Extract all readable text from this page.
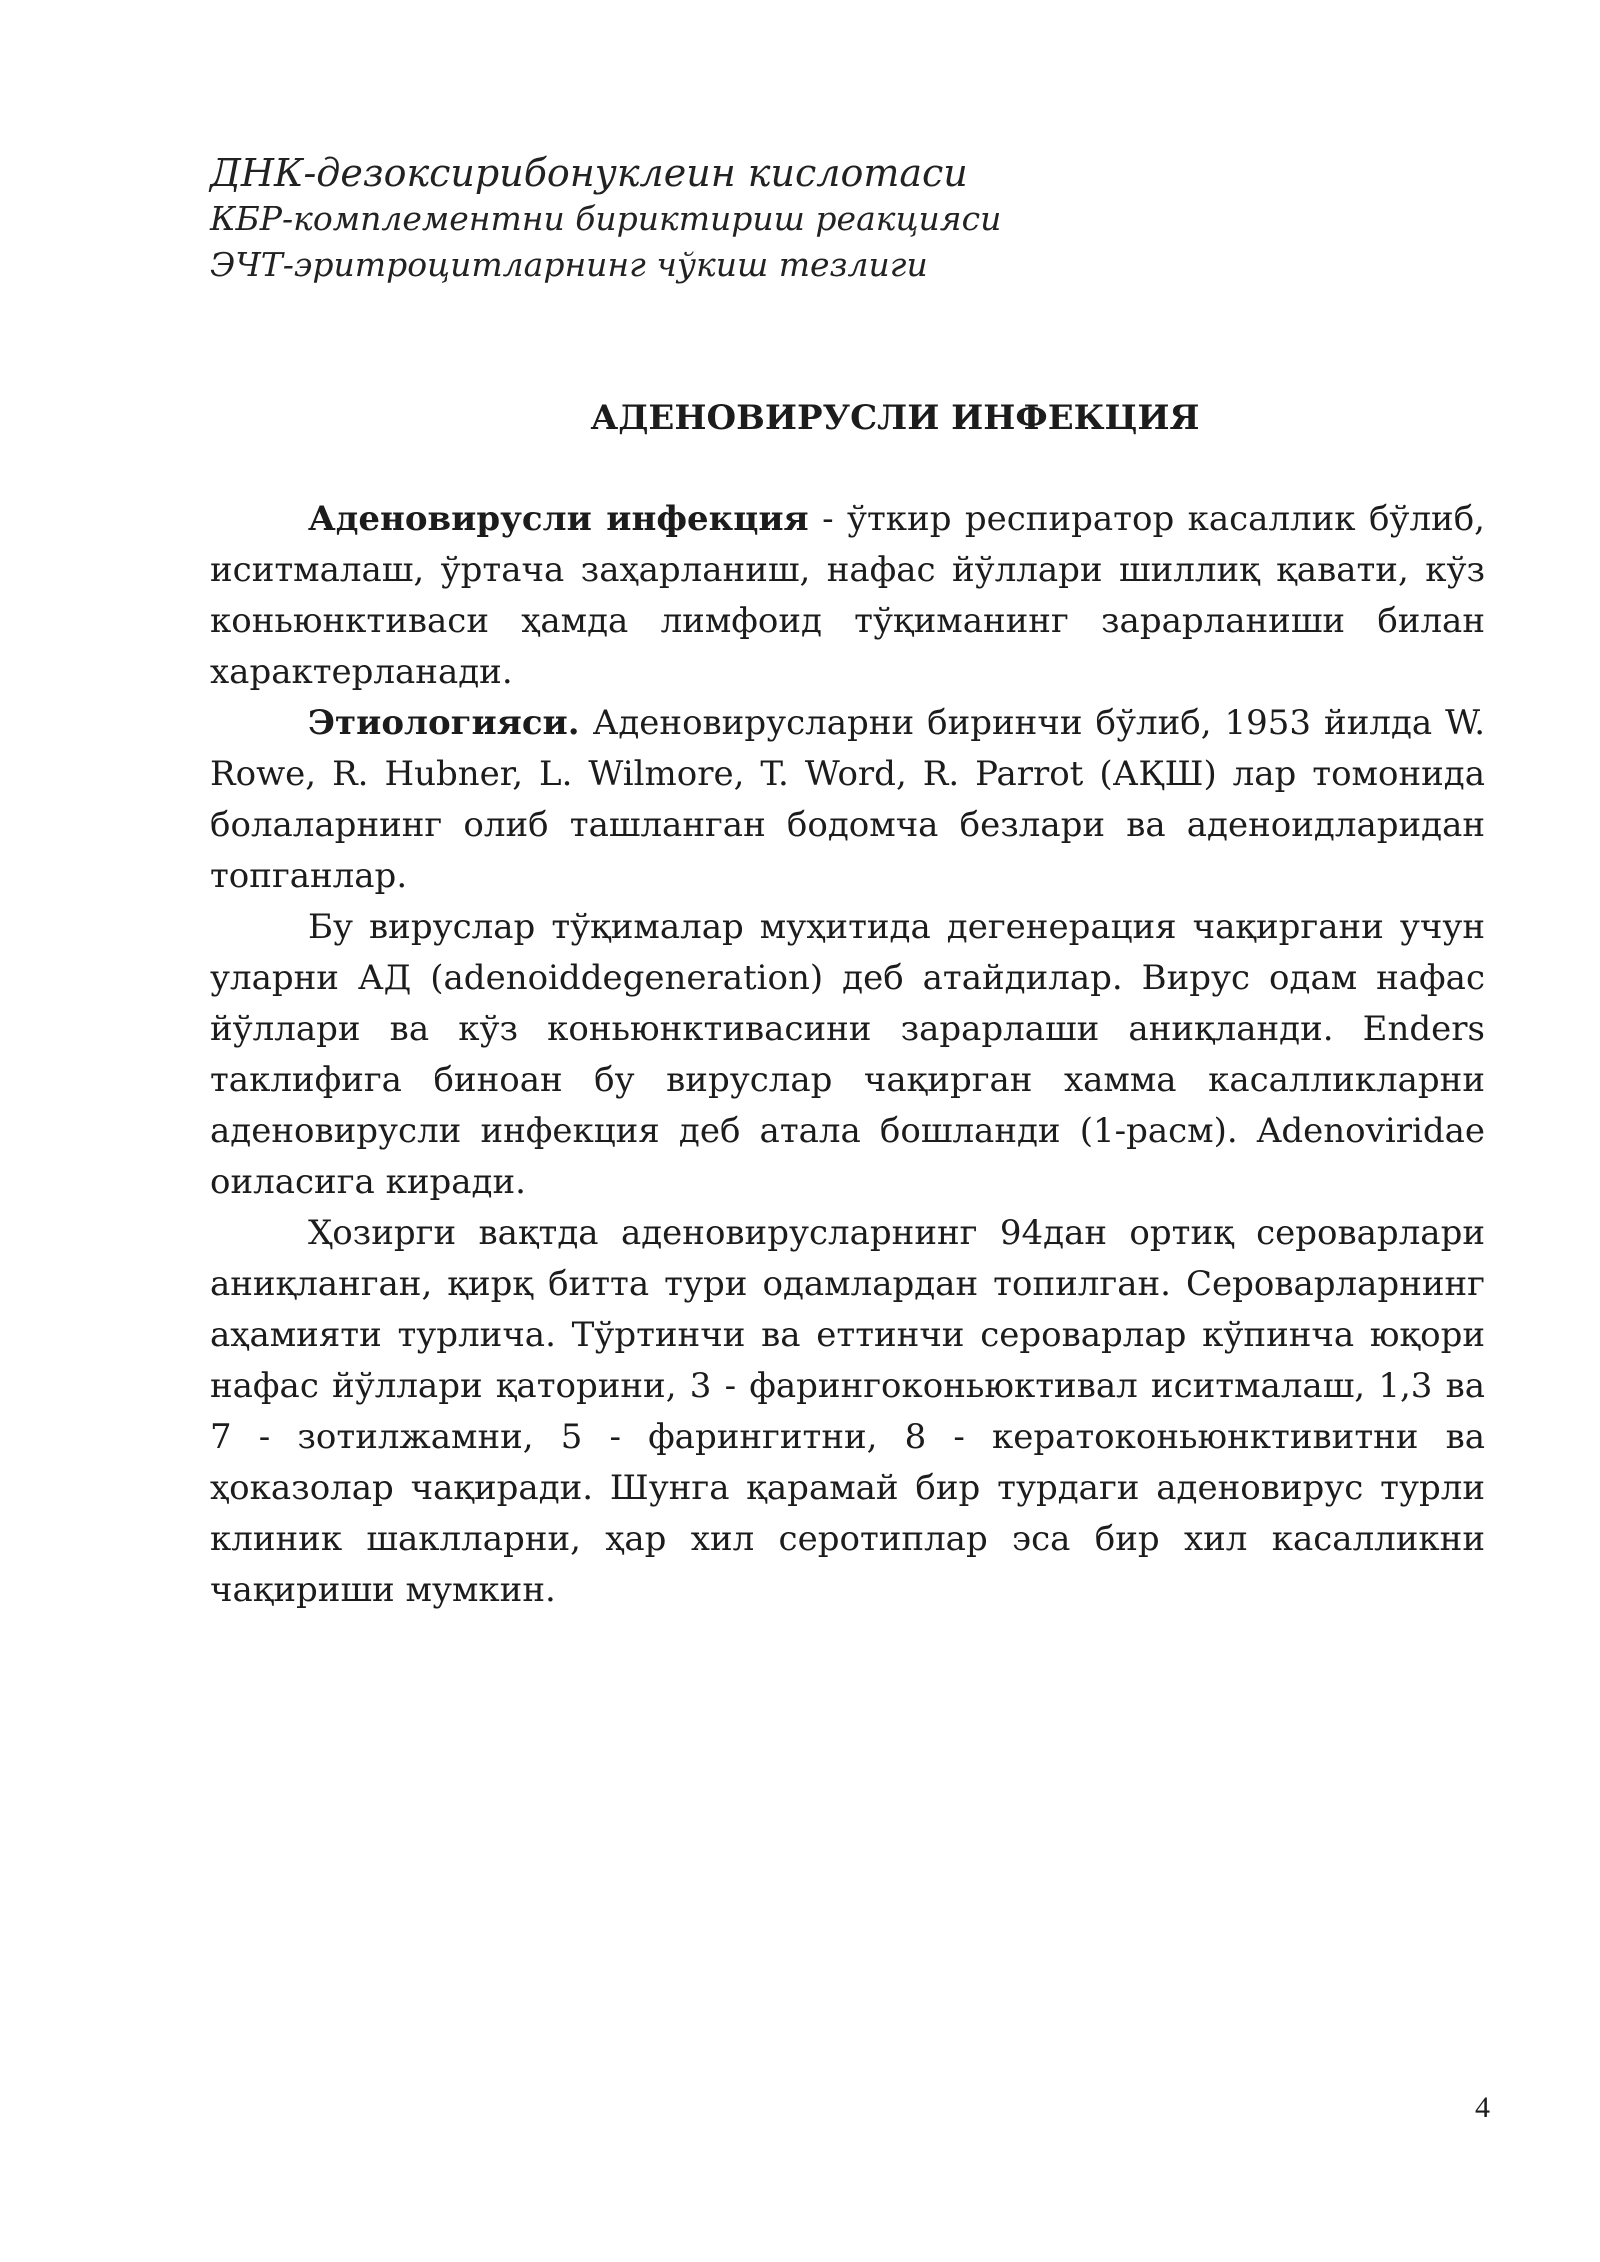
ДНК-дезоксирибонуклеин кислотаси
КБР-комплементни бириктириш реакцияси
ЭЧТ-эритроцитларнинг чўкиш тезлиги
АДЕНОВИРУСЛИ ИНФЕКЦИЯ

Аденовирусли инфекция - ўткир респиратор касаллик бўлиб, иситмалаш, ўртача заҳарланиш, нафас йўллари шиллиқ қавати, кўз коньюнктиваси ҳамда лимфоид тўқиманинг зарарланиши билан характерланади.

Этиологияси. Аденовирусларни биринчи бўлиб, 1953 йилда W. Rowe, R. Hubner, L. Wilmore, T. Word, R. Parrot (АҚШ) лар томонида болаларнинг олиб ташланган бодомча безлари ва аденоидларидан топганлар.

Бу вируслар тўқималар муҳитида дегенерация чақиргани учун уларни АД (adenoiddegeneration) деб атайдилар. Вирус одам нафас йўллари ва кўз коньюнктивасини зарарлаши аниқланди. Enders таклифига биноан бу вируслар чақирган хамма касалликларни аденовирусли инфекция деб атала бошланди (1-расм). Adenoviridae оиласига киради.

Ҳозирги вақтда аденовирусларнинг 94дан ортиқ сероварлари аниқланган, қирқ битта тури одамлардан топилган. Сероварларнинг аҳамияти турлича. Тўртинчи ва еттинчи сероварлар кўпинча юқори нафас йўллари қаторини, 3 - фарингоконьюктивал иситмалаш, 1,3 ва 7 - зотилжамни, 5 - фарингитни, 8 - кератоконьюнктивитни ва ҳоказолар чақиради. Шунга қарамай бир турдаги аденовирус турли клиник шаклларни, ҳар хил серотиплар эса бир хил касалликни чақириши мумкин.

4
